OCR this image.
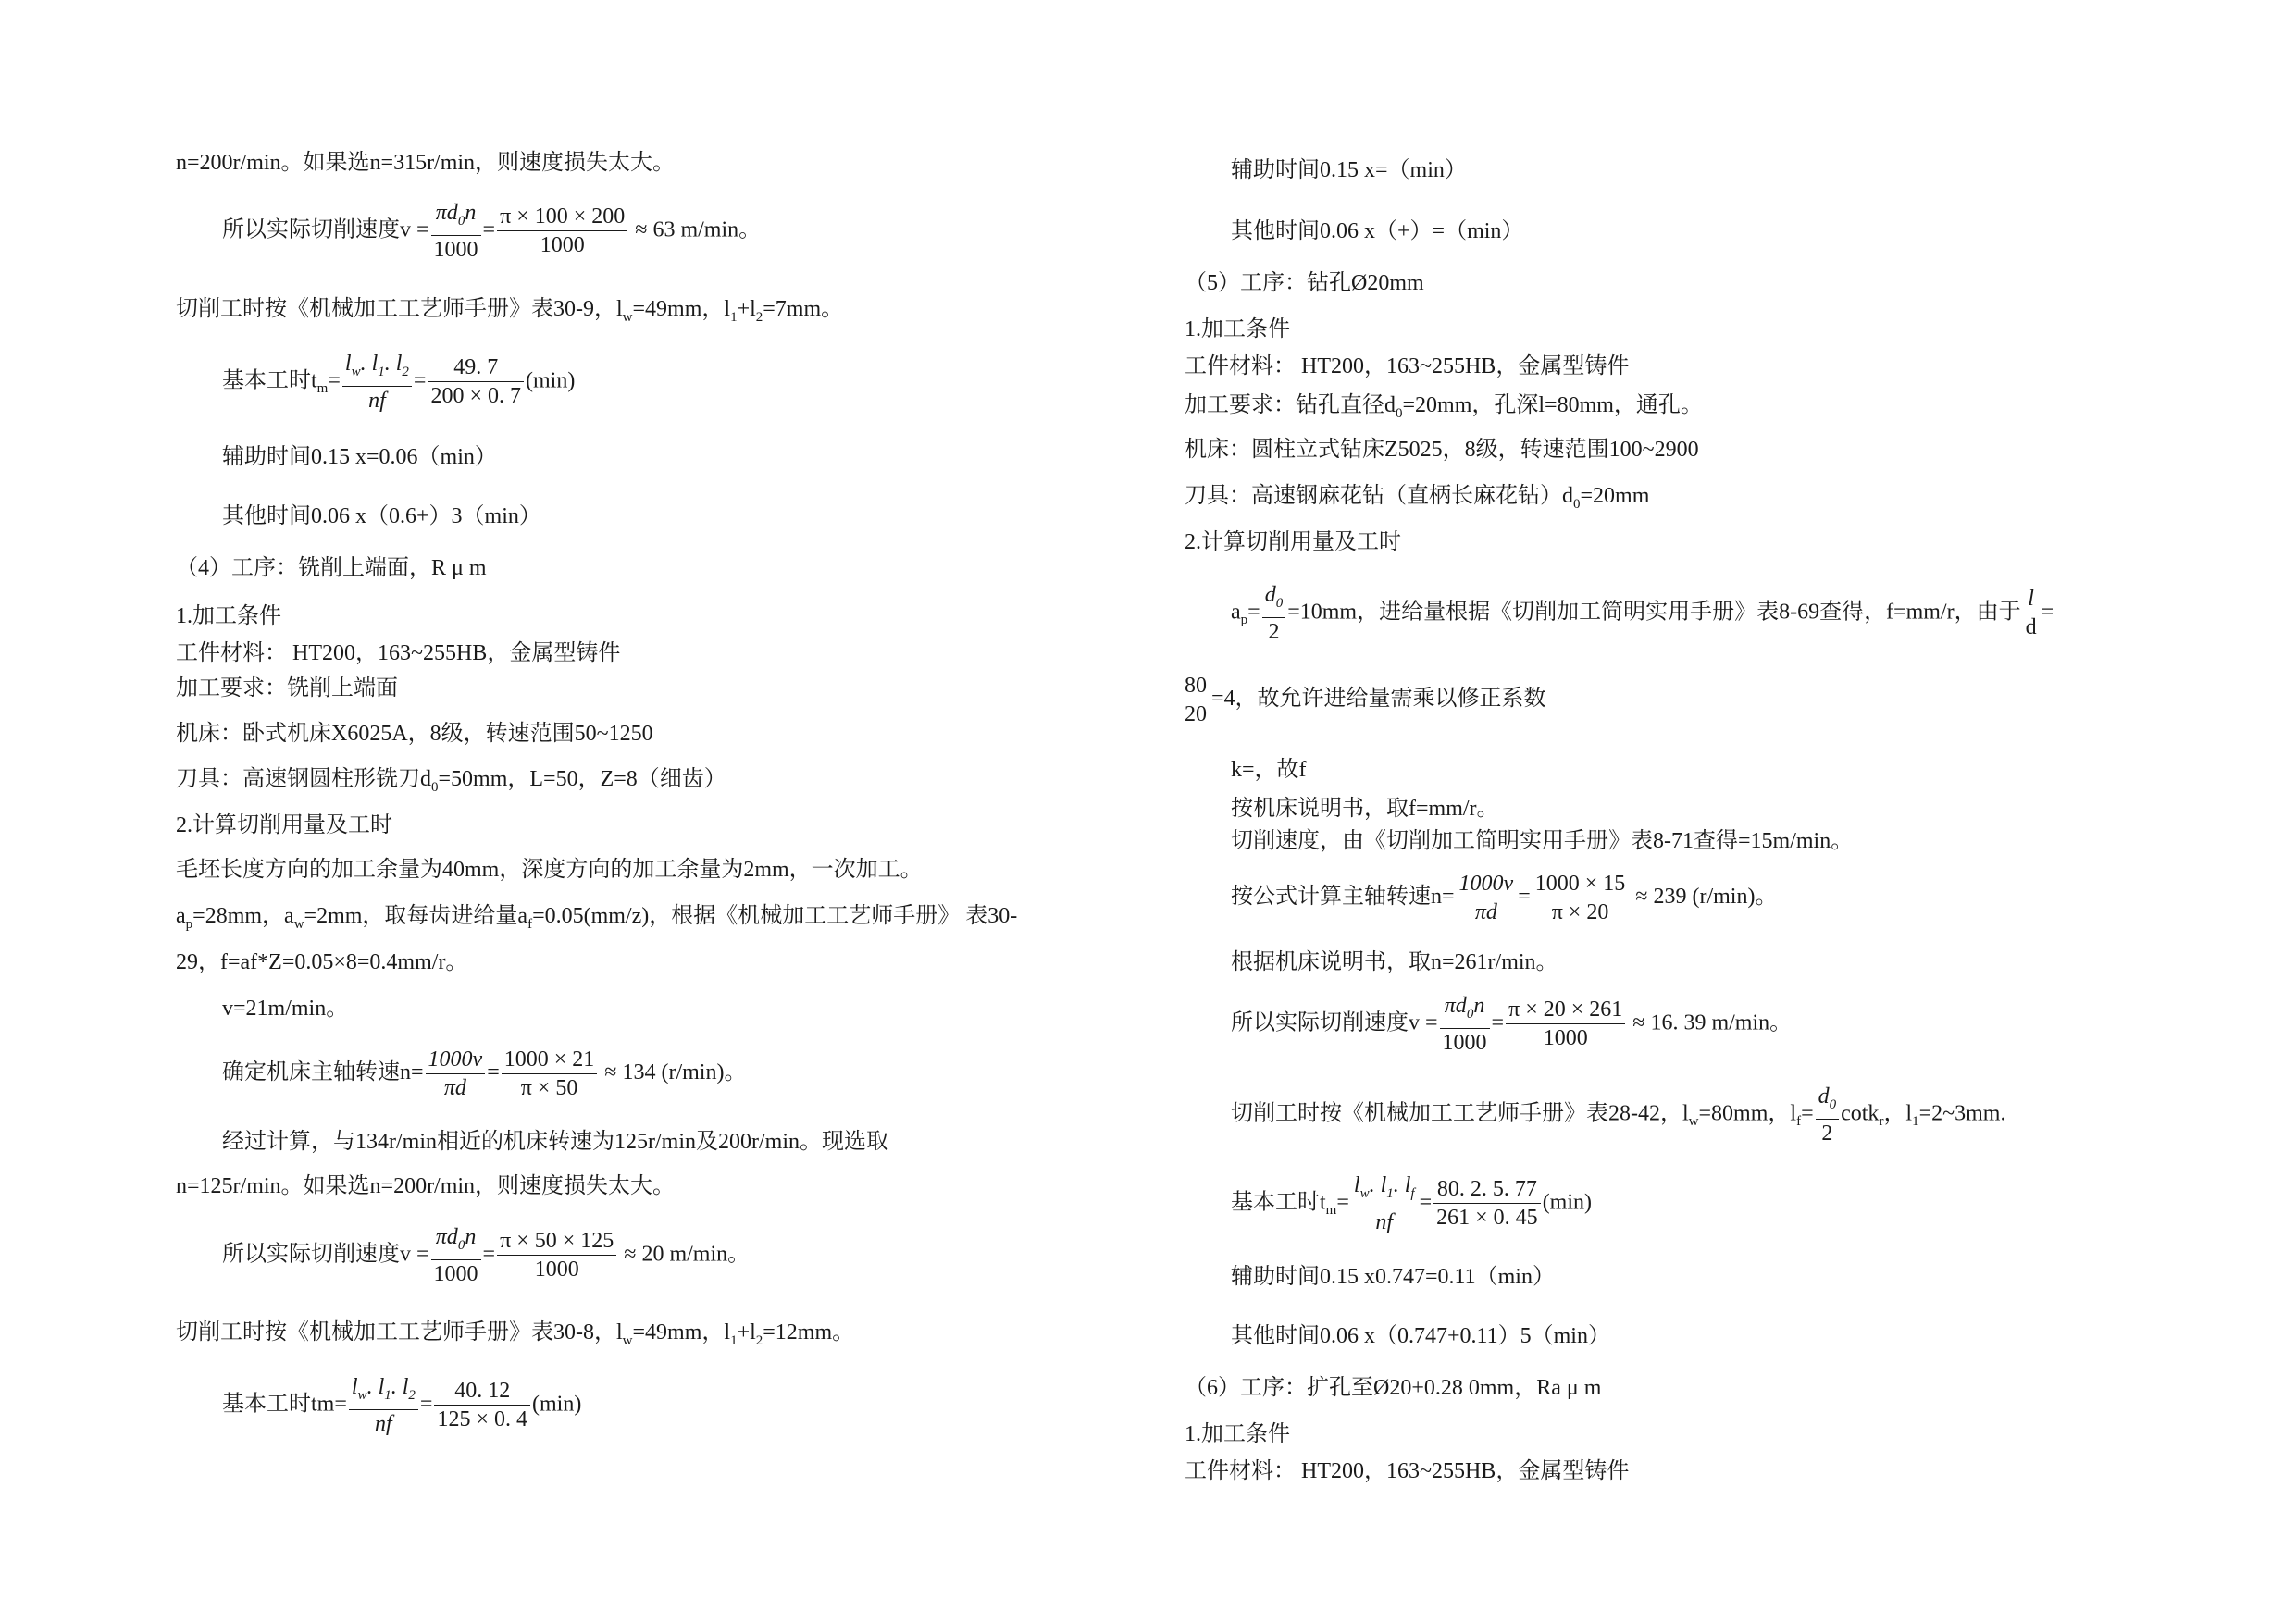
n=200r/min。如果选n=315r/min，则速度损失太大。
所以实际切削速度$v = \frac{\pi d_0n}{1000} = \frac{\pi \times 100 \times 200}{1000} \approx 63$ m/min。
切削工时按《机械加工工艺师手册》表30-9，$l_w=49mm$，$l_1+l_2=7mm$。
基本工时$t_m= \frac{l_w. l_1. l_2}{nf} = \frac{49. 7}{200 \times 0. 7} (\min)$
辅助时间0.15 x=0.06（min）
其他时间0.06 x（0.6+）3（min）
（4）工序：铣削上端面，R μ m
1.加工条件
工件材料： HT200，163~255HB，金属型铸件
加工要求：铣削上端面
机床：卧式机床X6025A，8级，转速范围50~1250
刀具：高速钢圆柱形铣刀$d_0=50mm$，L=50，Z=8（细齿）
2.计算切削用量及工时
毛坯长度方向的加工余量为40mm，深度方向的加工余量为2mm，一次加工。
$a_p=28mm$，$a_w=2mm$，取每齿进给量$a_f=0.05(mm/z)$，根据《机械加工工艺师手册》 表30-
29，f=af*Z=0.05×8=0.4mm/r。
v=21m/min。
确定机床主轴转速$n= \frac{1000v}{\pi d} = \frac{1000 \times 21}{\pi \times 50} \approx 134$ (r/min)。
经过计算，与134r/min相近的机床转速为125r/min及200r/min。现选取
n=125r/min。如果选n=200r/min，则速度损失太大。
所以实际切削速度$v = \frac{\pi d_0n}{1000} = \frac{\pi \times 50 \times 125}{1000} \approx 20$ m/min。
切削工时按《机械加工工艺师手册》表30-8，$l_w=49mm$，$l_1+l_2=12mm$。
基本工时$tm= \frac{l_w. l_1. l_2}{nf} = \frac{40. 12}{125 \times 0. 4} (\min)$
辅助时间0.15 x=（min）
其他时间0.06 x（+）=（min）
（5）工序：钻孔Ø20mm
1.加工条件
工件材料： HT200，163~255HB，金属型铸件
加工要求：钻孔直径$d_0=20mm$，孔深l=80mm，通孔。
机床：圆柱立式钻床Z5025，8级，转速范围100~2900
刀具：高速钢麻花钻（直柄长麻花钻）$d_0=20mm$
2.计算切削用量及工时
$a_p= \frac{d_0}{2} =10mm$，进给量根据《切削加工简明实用手册》表8-69查得，f=mm/r，由于 $\frac{l}{d}$ =
$\frac{80}{20} =4$，故允许进给量需乘以修正系数
k=，故f
按机床说明书，取f=mm/r。
切削速度，由《切削加工简明实用手册》表8-71查得=15m/min。
按公式计算主轴转速$n= \frac{1000v}{\pi d} = \frac{1000 \times 15}{\pi \times 20} \approx 239$ (r/min)。
根据机床说明书，取n=261r/min。
所以实际切削速度$v = \frac{\pi d_0n}{1000} = \frac{\pi \times 20 \times 261}{1000} \approx 16$. 39 m/min。
切削工时按《机械加工工艺师手册》表28-42，$l_w=80mm$，$l_f= \frac{d_0}{2} \cot k_r$，$l_1=2\sim 3mm$.
基本工时$t_m= \frac{l_w. l_1. l_f}{nf} = \frac{80. 2. 5. 77}{261 \times 0. 45} (\min)$
辅助时间0.15 x0.747=0.11（min）
其他时间0.06 x（0.747+0.11）5（min）
（6）工序：扩孔至Ø20+0.28 0mm，Ra μ m
1.加工条件
工件材料： HT200，163~255HB，金属型铸件
